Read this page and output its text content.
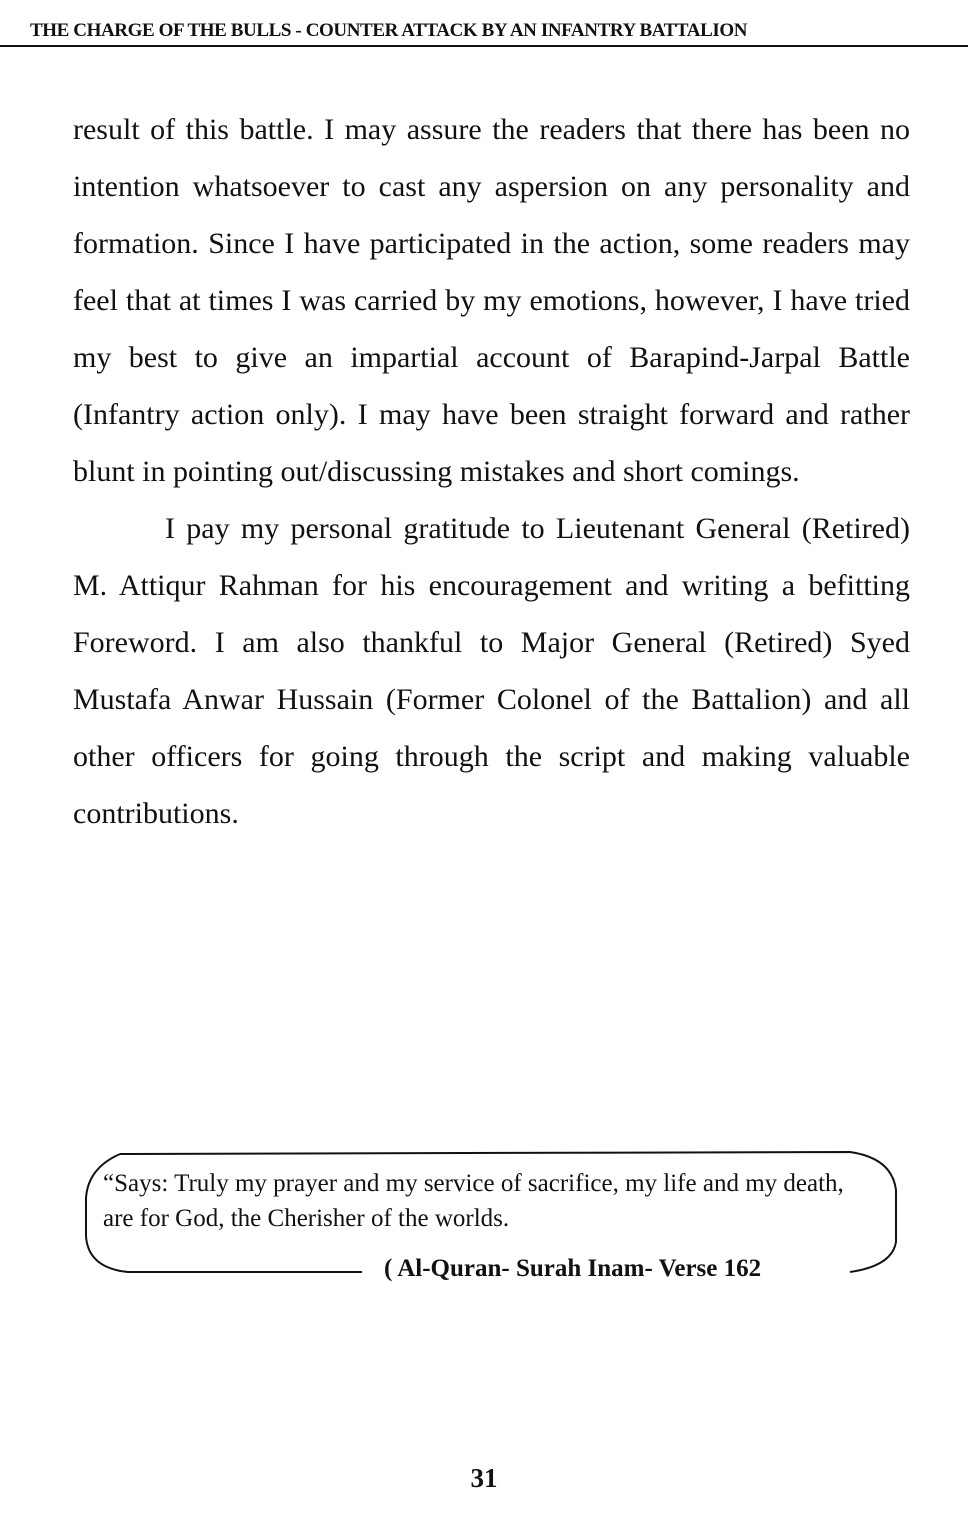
THE CHARGE OF THE BULLS - COUNTER ATTACK BY AN INFANTRY BATTALION

result of this battle. I may assure the readers that there has been no intention whatsoever to cast any aspersion on any personality and formation. Since I have participated in the action, some readers may feel that at times I was carried by my emotions, however, I have tried my best to give an impartial account of Barapind-Jarpal Battle (Infantry action only). I may have been straight forward and rather blunt in pointing out/discussing mistakes and short comings.

I pay my personal gratitude to Lieutenant General (Retired) M. Attiqur Rahman for his encouragement and writing a befitting Foreword. I am also thankful to Major General (Retired) Syed Mustafa Anwar Hussain (Former Colonel of the Battalion) and all other officers for going through the script and making valuable contributions.

“Says: Truly my prayer and my service of sacrifice, my life and my death, are for God, the Cherisher of the worlds.
( Al-Quran- Surah Inam- Verse 162
31
